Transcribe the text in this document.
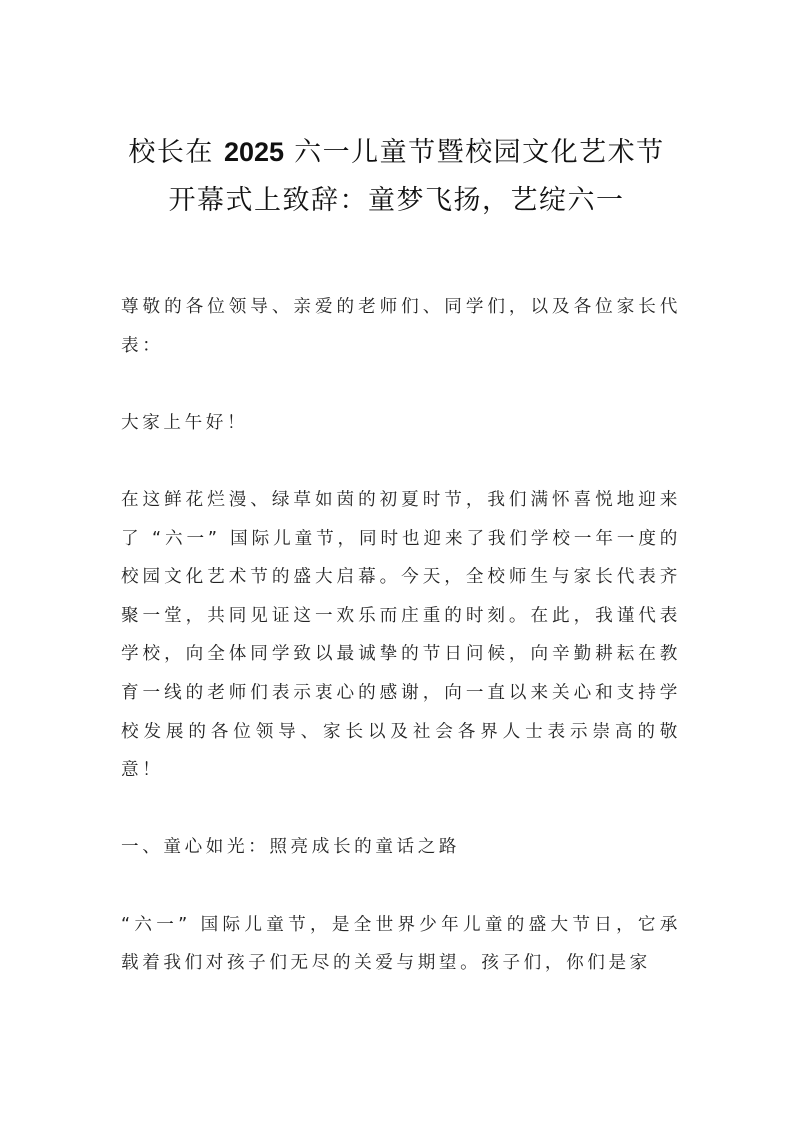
校长在 2025 六一儿童节暨校园文化艺术节
开幕式上致辞：童梦飞扬，艺绽六一

尊敬的各位领导、亲爱的老师们、同学们，以及各位家长代表：

大家上午好！

在这鲜花烂漫、绿草如茵的初夏时节，我们满怀喜悦地迎来了 “六一” 国际儿童节，同时也迎来了我们学校一年一度的校园文化艺术节的盛大启幕。今天，全校师生与家长代表齐聚一堂，共同见证这一欢乐而庄重的时刻。在此，我谨代表学校，向全体同学致以最诚挚的节日问候，向辛勤耕耘在教育一线的老师们表示衷心的感谢，向一直以来关心和支持学校发展的各位领导、家长以及社会各界人士表示崇高的敬意！

一、童心如光：照亮成长的童话之路

“六一” 国际儿童节，是全世界少年儿童的盛大节日，它承载着我们对孩子们无尽的关爱与期望。孩子们，你们是家
